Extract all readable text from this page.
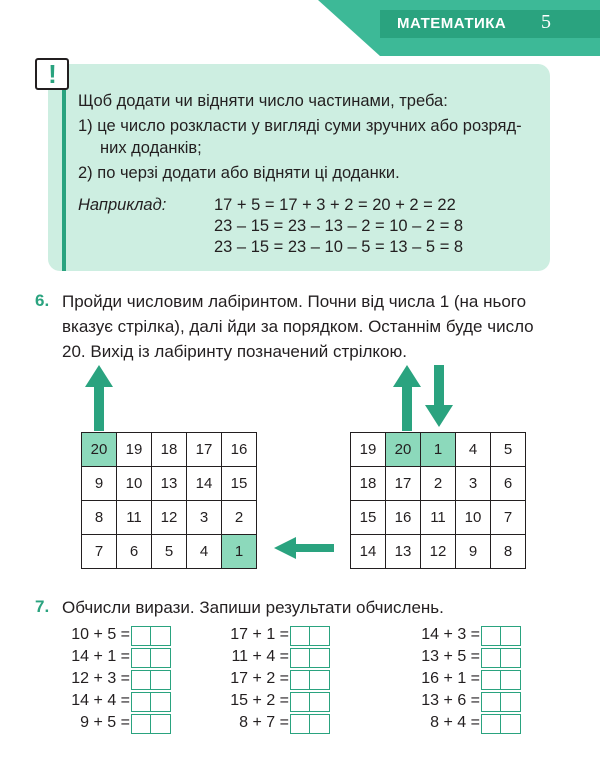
МАТЕМАТИКА 5
!
Щоб додати чи відняти число частинами, треба:
1) це число розкласти у вигляді суми зручних або розряд-
них доданків;
2) по черзі додати або відняти ці доданки.
Наприклад:	17 + 5 = 17 + 3 + 2 = 20 + 2 = 22
23 – 15 = 23 – 13 – 2 = 10 – 2 = 8
23 – 15 = 23 – 10 – 5 = 13 – 5 = 8
6. Пройди числовим лабіринтом. Почни від числа 1 (на нього
вказує стрілка), далі йди за порядком. Останнім буде число
20. Вихід із лабіринту позначений стрілкою.
20	19	18	17	16
9	10	13	14	15
8	11	12	3	2
7	6	5	4	1
19	20	1	4	5
18	17	2	3	6
15	16	11	10	7
14	13	12	9	8
7. Обчисли вирази. Запиши результати обчислень.
10 + 5 =
14 + 1 =
12 + 3 =
14 + 4 =
9 + 5 =
17 + 1 =
11 + 4 =
17 + 2 =
15 + 2 =
8 + 7 =
14 + 3 =
13 + 5 =
16 + 1 =
13 + 6 =
8 + 4 =
